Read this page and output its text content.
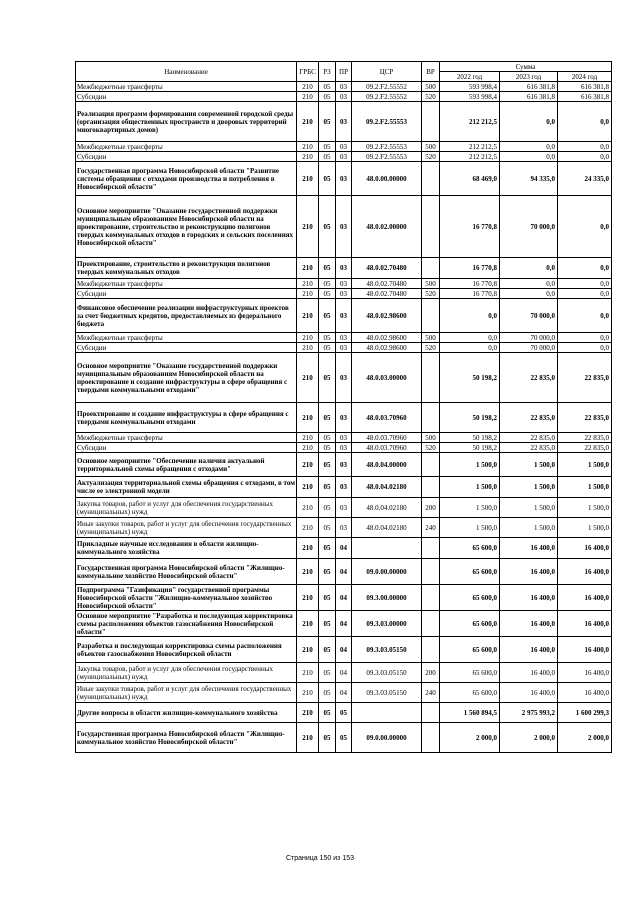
Наименование	ГРБС	РЗ	ПР	ЦСР	ВР	Сумма		
						2022 год	2023 год	2024 год
Межбюджетные трансферты	210	05	03	09.2.F2.55552	500	593 998,4	616 381,8	616 381,8
Субсидии	210	05	03	09.2.F2.55552	520	593 998,4	616 381,8	616 381,8
Реализация программ формирования современной городской среды (организация общественных пространств и дворовых территорий многоквартирных домов)	210	05	03	09.2.F2.55553		212 212,5	0,0	0,0
Межбюджетные трансферты	210	05	03	09.2.F2.55553	500	212 212,5	0,0	0,0
Субсидии	210	05	03	09.2.F2.55553	520	212 212,5	0,0	0,0
Государственная программа Новосибирской области "Развитие системы обращения с отходами производства и потребления в Новосибирской области"	210	05	03	48.0.00.00000		68 469,0	94 335,0	24 335,0
Основное мероприятие "Оказание государственной поддержки муниципальным образованиям Новосибирской области на проектирование, строительство и реконструкцию полигонов твердых коммунальных отходов в городских и сельских поселениях Новосибирской области"	210	05	03	48.0.02.00000		16 770,8	70 000,0	0,0
Проектирование, строительство и реконструкция полигонов твердых коммунальных отходов	210	05	03	48.0.02.70480		16 770,8	0,0	0,0
Межбюджетные трансферты	210	05	03	48.0.02.70480	500	16 770,8	0,0	0,0
Субсидии	210	05	03	48.0.02.70480	520	16 770,8	0,0	0,0
Финансовое обеспечение реализации инфраструктурных проектов за счет бюджетных кредитов, предоставляемых из федерального бюджета	210	05	03	48.0.02.98600		0,0	70 000,0	0,0
Межбюджетные трансферты	210	05	03	48.0.02.98600	500	0,0	70 000,0	0,0
Субсидии	210	05	03	48.0.02.98600	520	0,0	70 000,0	0,0
Основное мероприятие "Оказание государственной поддержки муниципальным образованиям Новосибирской области на проектирование и создание инфраструктуры в сфере обращения с твердыми коммунальными отходами"	210	05	03	48.0.03.00000		50 198,2	22 835,0	22 835,0
Проектирование и создание инфраструктуры в сфере обращения с твердыми коммунальными отходами	210	05	03	48.0.03.70960		50 198,2	22 835,0	22 835,0
Межбюджетные трансферты	210	05	03	48.0.03.70960	500	50 198,2	22 835,0	22 835,0
Субсидии	210	05	03	48.0.03.70960	520	50 198,2	22 835,0	22 835,0
Основное мероприятие "Обеспечение наличия актуальной территориальной схемы обращения с отходами"	210	05	03	48.0.04.00000		1 500,0	1 500,0	1 500,0
Актуализация территориальной схемы обращения с отходами, в том числе ее электронной модели	210	05	03	48.0.04.02180		1 500,0	1 500,0	1 500,0
Закупка товаров, работ и услуг для обеспечения государственных (муниципальных) нужд	210	05	03	48.0.04.02180	200	1 500,0	1 500,0	1 500,0
Иные закупки товаров, работ и услуг для обеспечения государственных (муниципальных) нужд	210	05	03	48.0.04.02180	240	1 500,0	1 500,0	1 500,0
Прикладные научные исследования в области жилищно-коммунального хозяйства	210	05	04			65 600,0	16 400,0	16 400,0
Государственная программа Новосибирской области "Жилищно-коммунальное хозяйство Новосибирской области"	210	05	04	09.0.00.00000		65 600,0	16 400,0	16 400,0
Подпрограмма "Газификация" государственной программы Новосибирской области "Жилищно-коммунальное хозяйство Новосибирской области"	210	05	04	09.3.00.00000		65 600,0	16 400,0	16 400,0
Основное мероприятие "Разработка и последующая корректировка схемы расположения объектов газоснабжения Новосибирской области"	210	05	04	09.3.03.00000		65 600,0	16 400,0	16 400,0
Разработка и последующая корректировка схемы расположения объектов газоснабжения Новосибирской области	210	05	04	09.3.03.05150		65 600,0	16 400,0	16 400,0
Закупка товаров, работ и услуг для обеспечения государственных (муниципальных) нужд	210	05	04	09.3.03.05150	200	65 600,0	16 400,0	16 400,0
Иные закупки товаров, работ и услуг для обеспечения государственных (муниципальных) нужд	210	05	04	09.3.03.05150	240	65 600,0	16 400,0	16 400,0
Другие вопросы в области жилищно-коммунального хозяйства	210	05	05			1 560 894,5	2 975 993,2	1 600 299,3
Государственная программа Новосибирской области "Жилищно-коммунальное хозяйство Новосибирской области"	210	05	05	09.0.00.00000		2 000,0	2 000,0	2 000,0
Страница 150 из 153
